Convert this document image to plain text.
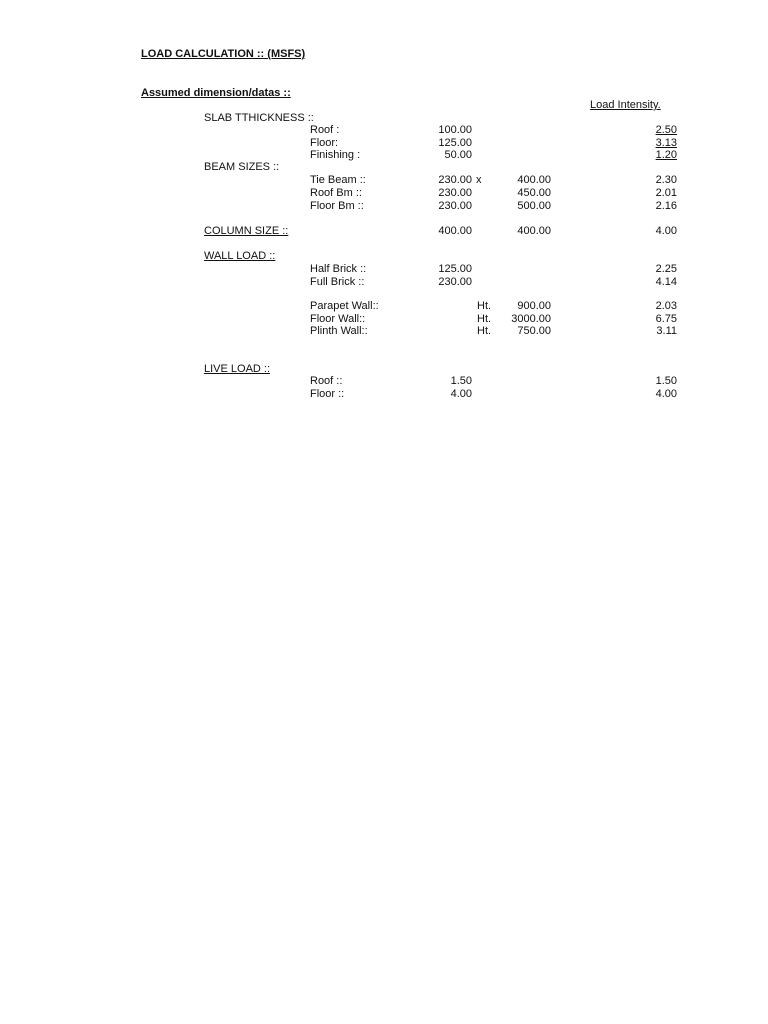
LOAD CALCULATION :: (MSFS)
Assumed dimension/datas ::
Load Intensity.
SLAB TTHICKNESS ::
Roof :	100.00	2.50
Floor:	125.00	3.13
Finishing :	50.00	1.20
BEAM SIZES ::
Tie Beam ::	230.00 x	400.00	2.30
Roof Bm ::	230.00	450.00	2.01
Floor Bm ::	230.00	500.00	2.16
COLUMN SIZE ::	400.00	400.00	4.00
WALL LOAD ::
Half Brick ::	125.00	2.25
Full Brick ::	230.00	4.14
Parapet Wall::	Ht.	900.00	2.03
Floor Wall::	Ht.	3000.00	6.75
Plinth Wall::	Ht.	750.00	3.11
LIVE LOAD ::
Roof ::	1.50	1.50
Floor ::	4.00	4.00
